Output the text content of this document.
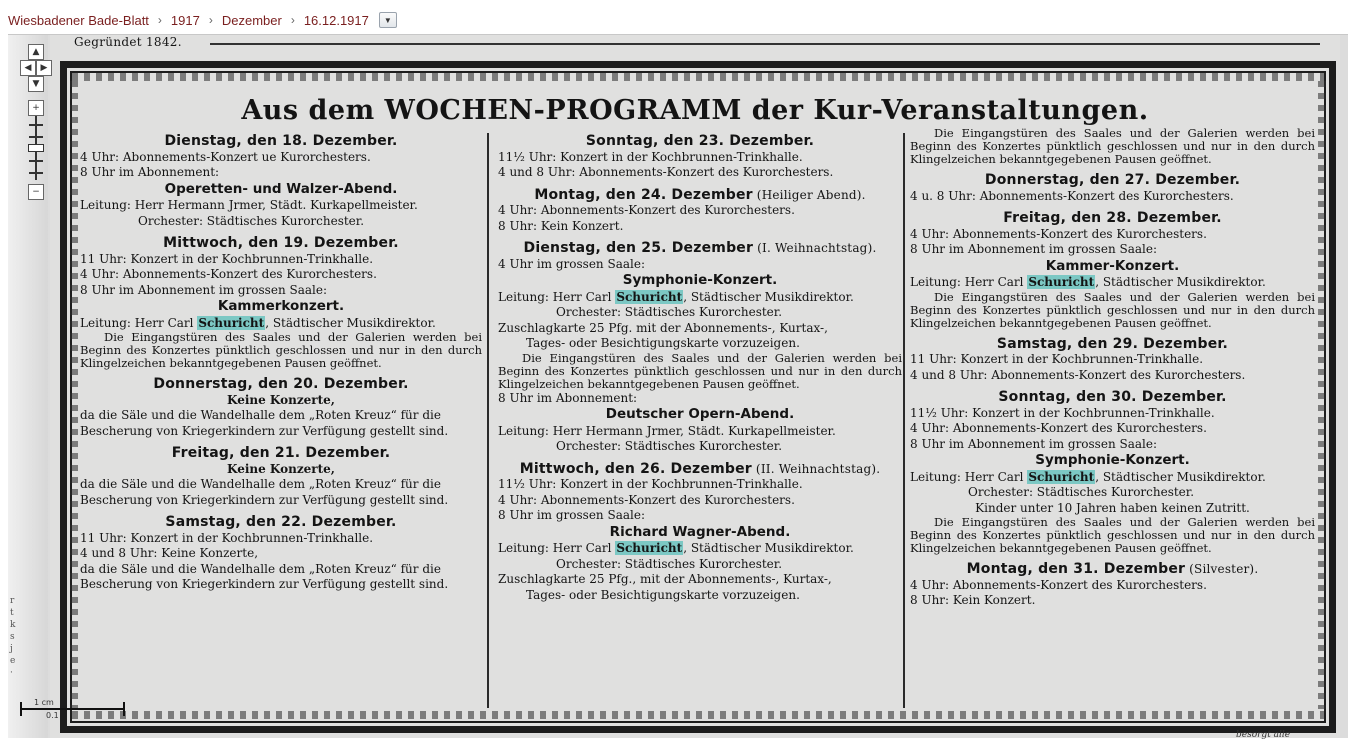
Wiesbadener Bade-Blatt › 1917 › Dezember › 16.12.1917 ▼
r
t
k
s
j
e
·
Gegründet 1842.
Aus dem WOCHEN-PROGRAMM der Kur-Veranstaltungen.
Dienstag, den 18. Dezember.
4 Uhr: Abonnements-Konzert ue Kurorchesters.
8 Uhr im Abonnement:
Operetten- und Walzer-Abend.
Leitung: Herr Hermann Jrmer, Städt. Kurkapellmeister.
Orchester: Städtisches Kurorchester.
Mittwoch, den 19. Dezember.
11 Uhr: Konzert in der Kochbrunnen-Trinkhalle.
4 Uhr: Abonnements-Konzert des Kurorchesters.
8 Uhr im Abonnement im grossen Saale:
Kammerkonzert.
Leitung: Herr Carl Schuricht, Städtischer Musikdirektor.
Die Eingangstüren des Saales und der Galerien werden bei Beginn des Konzertes pünktlich geschlossen und nur in den durch Klingelzeichen bekanntgegebenen Pausen geöffnet.
Donnerstag, den 20. Dezember.
Keine Konzerte,
da die Säle und die Wandelhalle dem „Roten Kreuz“ für die
Bescherung von Kriegerkindern zur Verfügung gestellt sind.
Freitag, den 21. Dezember.
Keine Konzerte,
da die Säle und die Wandelhalle dem „Roten Kreuz“ für die
Bescherung von Kriegerkindern zur Verfügung gestellt sind.
Samstag, den 22. Dezember.
11 Uhr: Konzert in der Kochbrunnen-Trinkhalle.
4 und 8 Uhr: Keine Konzerte,
da die Säle und die Wandelhalle dem „Roten Kreuz“ für die
Bescherung von Kriegerkindern zur Verfügung gestellt sind.
Sonntag, den 23. Dezember.
11½ Uhr: Konzert in der Kochbrunnen-Trinkhalle.
4 und 8 Uhr: Abonnements-Konzert des Kurorchesters.
Montag, den 24. Dezember (Heiliger Abend).
4 Uhr: Abonnements-Konzert des Kurorchesters.
8 Uhr: Kein Konzert.
Dienstag, den 25. Dezember (I. Weihnachtstag).
4 Uhr im grossen Saale:
Symphonie-Konzert.
Leitung: Herr Carl Schuricht, Städtischer Musikdirektor.
Orchester: Städtisches Kurorchester.
Zuschlagkarte 25 Pfg. mit der Abonnements-, Kurtax-,
Tages- oder Besichtigungskarte vorzuzeigen.
Die Eingangstüren des Saales und der Galerien werden bei Beginn des Konzertes pünktlich geschlossen und nur in den durch Klingelzeichen bekanntgegebenen Pausen geöffnet.
8 Uhr im Abonnement:
Deutscher Opern-Abend.
Leitung: Herr Hermann Jrmer, Städt. Kurkapellmeister.
Orchester: Städtisches Kurorchester.
Mittwoch, den 26. Dezember (II. Weihnachtstag).
11½ Uhr: Konzert in der Kochbrunnen-Trinkhalle.
4 Uhr: Abonnements-Konzert des Kurorchesters.
8 Uhr im grossen Saale:
Richard Wagner-Abend.
Leitung: Herr Carl Schuricht, Städtischer Musikdirektor.
Orchester: Städtisches Kurorchester.
Zuschlagkarte 25 Pfg., mit der Abonnements-, Kurtax-,
Tages- oder Besichtigungskarte vorzuzeigen.
Die Eingangstüren des Saales und der Galerien werden bei Beginn des Konzertes pünktlich geschlossen und nur in den durch Klingelzeichen bekanntgegebenen Pausen geöffnet.
Donnerstag, den 27. Dezember.
4 u. 8 Uhr: Abonnements-Konzert des Kurorchesters.
Freitag, den 28. Dezember.
4 Uhr: Abonnements-Konzert des Kurorchesters.
8 Uhr im Abonnement im grossen Saale:
Kammer-Konzert.
Leitung: Herr Carl Schuricht, Städtischer Musikdirektor.
Die Eingangstüren des Saales und der Galerien werden bei Beginn des Konzertes pünktlich geschlossen und nur in den durch Klingelzeichen bekanntgegebenen Pausen geöffnet.
Samstag, den 29. Dezember.
11 Uhr: Konzert in der Kochbrunnen-Trinkhalle.
4 und 8 Uhr: Abonnements-Konzert des Kurorchesters.
Sonntag, den 30. Dezember.
11½ Uhr: Konzert in der Kochbrunnen-Trinkhalle.
4 Uhr: Abonnements-Konzert des Kurorchesters.
8 Uhr im Abonnement im grossen Saale:
Symphonie-Konzert.
Leitung: Herr Carl Schuricht, Städtischer Musikdirektor.
Orchester: Städtisches Kurorchester.
Kinder unter 10 Jahren haben keinen Zutritt.
Die Eingangstüren des Saales und der Galerien werden bei Beginn des Konzertes pünktlich geschlossen und nur in den durch Klingelzeichen bekanntgegebenen Pausen geöffnet.
Montag, den 31. Dezember (Silvester).
4 Uhr: Abonnements-Konzert des Kurorchesters.
8 Uhr: Kein Konzert.
▲
◀	▶
▼
+
−
1 cm
0.1
besorgt alle
